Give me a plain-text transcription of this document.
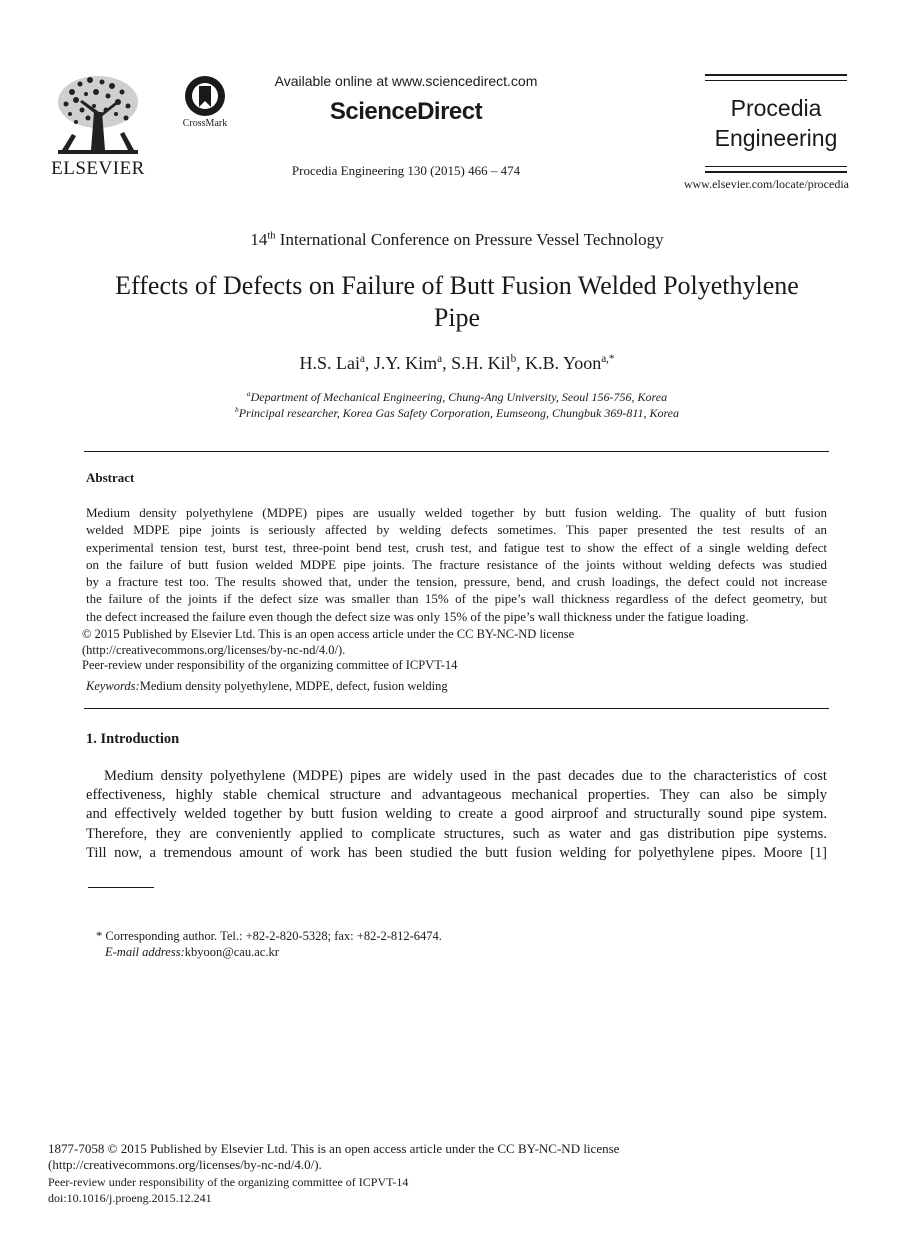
ELSEVIER
CrossMark
Available online at www.sciencedirect.com
ScienceDirect
Procedia Engineering 130 (2015) 466 – 474
Procedia
Engineering
www.elsevier.com/locate/procedia
14th International Conference on Pressure Vessel Technology
Effects of Defects on Failure of Butt Fusion Welded Polyethylene
Pipe
H.S. Lai$^a$, J.Y. Kim$^a$, S.H. Kil$^b$, K.B. Yoon$^{a,*}$
$^a$Department of Mechanical Engineering, Chung-Ang University, Seoul 156-756, Korea
$^b$Principal researcher, Korea Gas Safety Corporation, Eumseong, Chungbuk 369-811, Korea
Abstract
Medium density polyethylene (MDPE) pipes are usually welded together by butt fusion welding. The quality of butt fusion
welded MDPE pipe joints is seriously affected by welding defects sometimes. This paper presented the test results of an
experimental tension test, burst test, three-point bend test, crush test, and fatigue test to show the effect of a single welding defect
on the failure of butt fusion welded MDPE pipe joints. The fracture resistance of the joints without welding defects was studied
by a fracture test too. The results showed that, under the tension, pressure, bend, and crush loadings, the defect could not increase
the failure of the joints if the defect size was smaller than 15% of the pipe’s wall thickness regardless of the defect geometry, but
the defect increased the failure even though the defect size was only 15% of the pipe’s wall thickness under the fatigue loading.
© 2015 Published by Elsevier Ltd. This is an open access article under the CC BY-NC-ND license
(http://creativecommons.org/licenses/by-nc-nd/4.0/).
Peer-review under responsibility of the organizing committee of ICPVT-14
Keywords:Medium density polyethylene, MDPE, defect, fusion welding
1. Introduction
Medium density polyethylene (MDPE) pipes are widely used in the past decades due to the characteristics of cost
effectiveness, highly stable chemical structure and advantageous mechanical properties. They can also be simply
and effectively welded together by butt fusion welding to create a good airproof and structurally sound pipe system.
Therefore, they are conveniently applied to complicate structures, such as water and gas distribution pipe systems.
Till now, a tremendous amount of work has been studied the butt fusion welding for polyethylene pipes. Moore [1]
* Corresponding author. Tel.: +82-2-820-5328; fax: +82-2-812-6474.
E-mail address:kbyoon@cau.ac.kr
1877-7058 © 2015 Published by Elsevier Ltd. This is an open access article under the CC BY-NC-ND license
(http://creativecommons.org/licenses/by-nc-nd/4.0/).
Peer-review under responsibility of the organizing committee of ICPVT-14
doi:10.1016/j.proeng.2015.12.241
